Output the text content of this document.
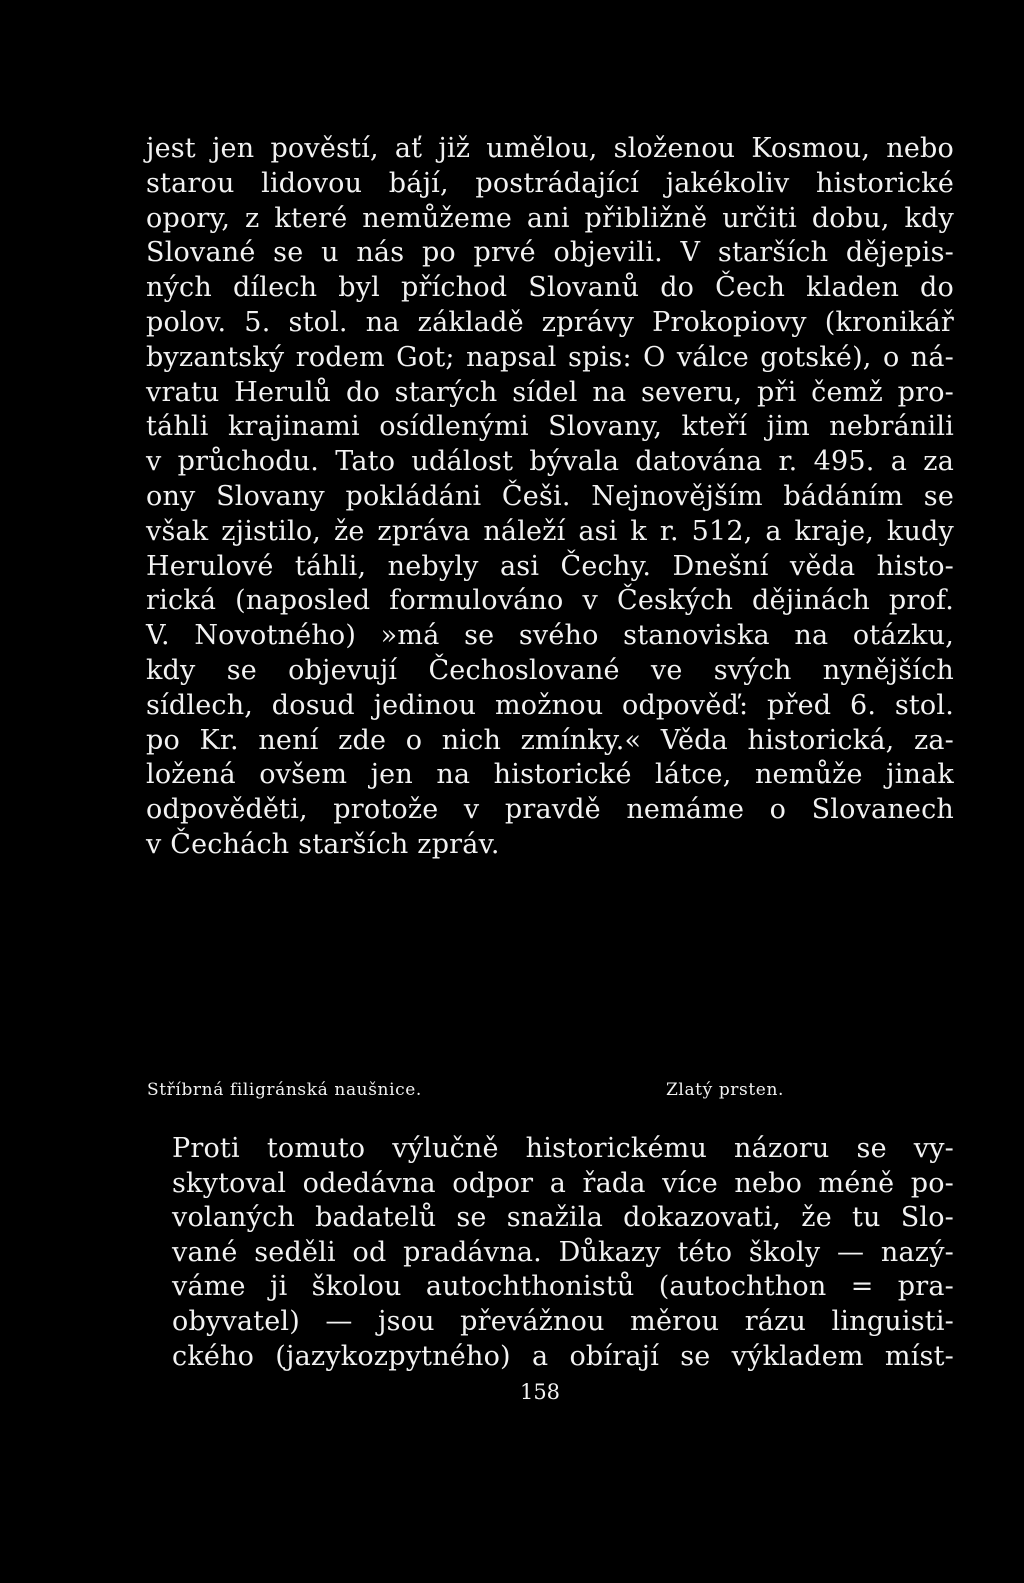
jest jen pověstí, ať již umělou, složenou Kosmou, nebo
starou lidovou bájí, postrádající jakékoliv historické
opory, z které nemůžeme ani přibližně určiti dobu, kdy
Slované se u nás po prvé objevili. V starších dějepis-
ných dílech byl příchod Slovanů do Čech kladen do
polov. 5. stol. na základě zprávy Prokopiovy (kronikář
byzantský rodem Got; napsal spis: O válce gotské), o ná-
vratu Herulů do starých sídel na severu, při čemž pro-
táhli krajinami osídlenými Slovany, kteří jim nebránili
v průchodu. Tato událost bývala datována r. 495. a za
ony Slovany pokládáni Češi. Nejnovějším bádáním se
však zjistilo, že zpráva náleží asi k r. 512, a kraje, kudy
Herulové táhli, nebyly asi Čechy. Dnešní věda histo-
rická (naposled formulováno v Českých dějinách prof.
V. Novotného) »má se svého stanoviska na otázku,
kdy se objevují Čechoslované ve svých nynějších
sídlech, dosud jedinou možnou odpověď: před 6. stol.
po Kr. není zde o nich zmínky.« Věda historická, za-
ložená ovšem jen na historické látce, nemůže jinak
odpověděti, protože v pravdě nemáme o Slovanech
v Čechách starších zpráv.
Stříbrná filigránská naušnice.	Zlatý prsten.
Proti tomuto výlučně historickému názoru se vy-
skytoval odedávna odpor a řada více nebo méně po-
volaných badatelů se snažila dokazovati, že tu Slo-
vané seděli od pradávna. Důkazy této školy — nazý-
váme ji školou autochthonistů (autochthon = pra-
obyvatel) — jsou převážnou měrou rázu linguisti-
ckého (jazykozpytného) a obírají se výkladem míst-
158
